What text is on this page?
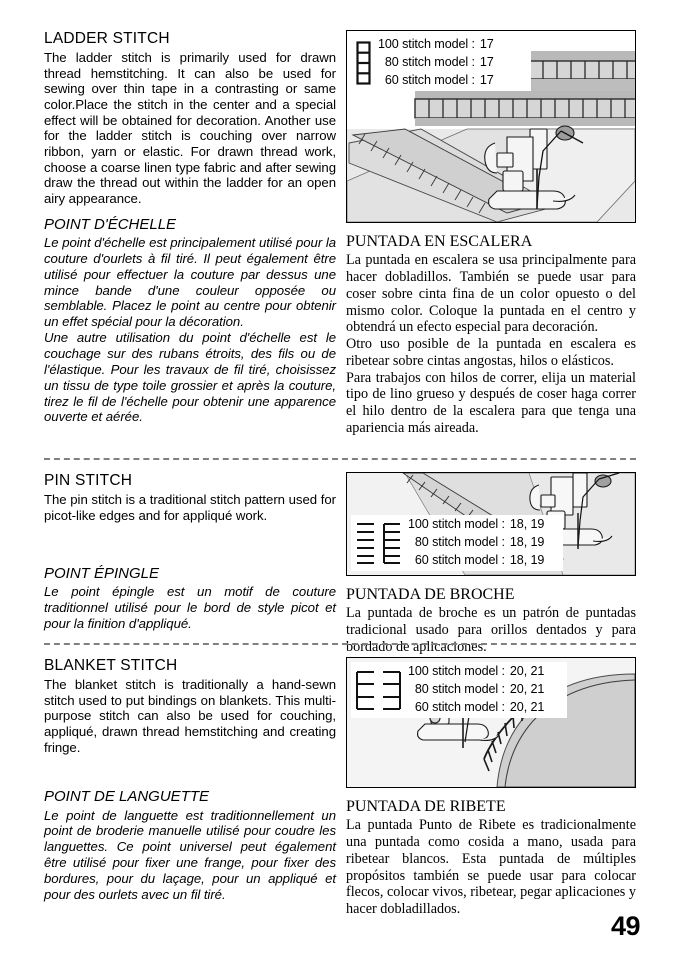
LADDER STITCH

The ladder stitch is primarily used for drawn thread hemstitching. It can also be used for sewing over thin tape in a contrasting or same color.Place the stitch in the center and a special effect will be obtained for decoration. Another use for the ladder stitch is couching over narrow ribbon, yarn or elastic. For drawn thread work, choose a coarse linen type fabric and after sewing draw the thread out within the ladder for an open airy appearance.

POINT D'ÉCHELLE

Le point d'échelle est principalement utilisé pour la couture d'ourlets à fil tiré. Il peut également être utilisé pour effectuer la couture par dessus une mince bande d'une couleur opposée ou semblable. Placez le point au centre pour obtenir un effet spécial pour la décoration.
Une autre utilisation du point d'échelle est le couchage sur des rubans étroits, des fils ou de l'élastique. Pour les travaux de fil tiré, choisissez un tissu de type toile grossier et après la couture, tirez le fil de l'échelle pour obtenir une apparence ouverte et aérée.

100 stitch model : 17
80 stitch model : 17
60 stitch model : 17
PUNTADA EN ESCALERA

La puntada en escalera se usa principalmente para hacer dobladillos. También se puede usar para coser sobre cinta fina de un color opuesto o del mismo color. Coloque la puntada en el centro y obtendrá un efecto especial para decoración.
Otro uso posible de la puntada en escalera es ribetear sobre cintas angostas, hilos o elásticos.
Para trabajos con hilos de correr, elija un material tipo de lino grueso y después de coser haga correr el hilo dentro de la escalera para que tenga una apariencia más aireada.

PIN STITCH

The pin stitch is a traditional stitch pattern used for picot-like edges and for appliqué work.

POINT ÉPINGLE

Le point épingle est un motif de couture traditionnel utilisé pour le bord de style picot et pour la finition d'appliqué.

100 stitch model : 18, 19
80 stitch model : 18, 19
60 stitch model : 18, 19
PUNTADA DE BROCHE

La puntada de broche es un patrón de puntadas tradicional usado para orillos dentados y para bordado de aplicaciones.

BLANKET STITCH

The blanket stitch is traditionally a hand-sewn stitch used to put bindings on blankets. This multi-purpose stitch can also be used for couching, appliqué, drawn thread hemstitching and creating fringe.

POINT DE LANGUETTE

Le point de languette est traditionnellement un point de broderie manuelle utilisé pour coudre les languettes. Ce point universel peut également être utilisé pour fixer une frange, pour fixer des bordures, pour du laçage, pour un appliqué et pour des ourlets avec un fil tiré.

100 stitch model : 20, 21
80 stitch model : 20, 21
60 stitch model : 20, 21
PUNTADA DE RIBETE

La puntada Punto de Ribete es tradicionalmente una puntada como cosida a mano, usada para ribetear blancos. Esta puntada de múltiples propósitos también se puede usar para colocar flecos, colocar vivos, ribetear, pegar aplicaciones y hacer dobladillados.

49
